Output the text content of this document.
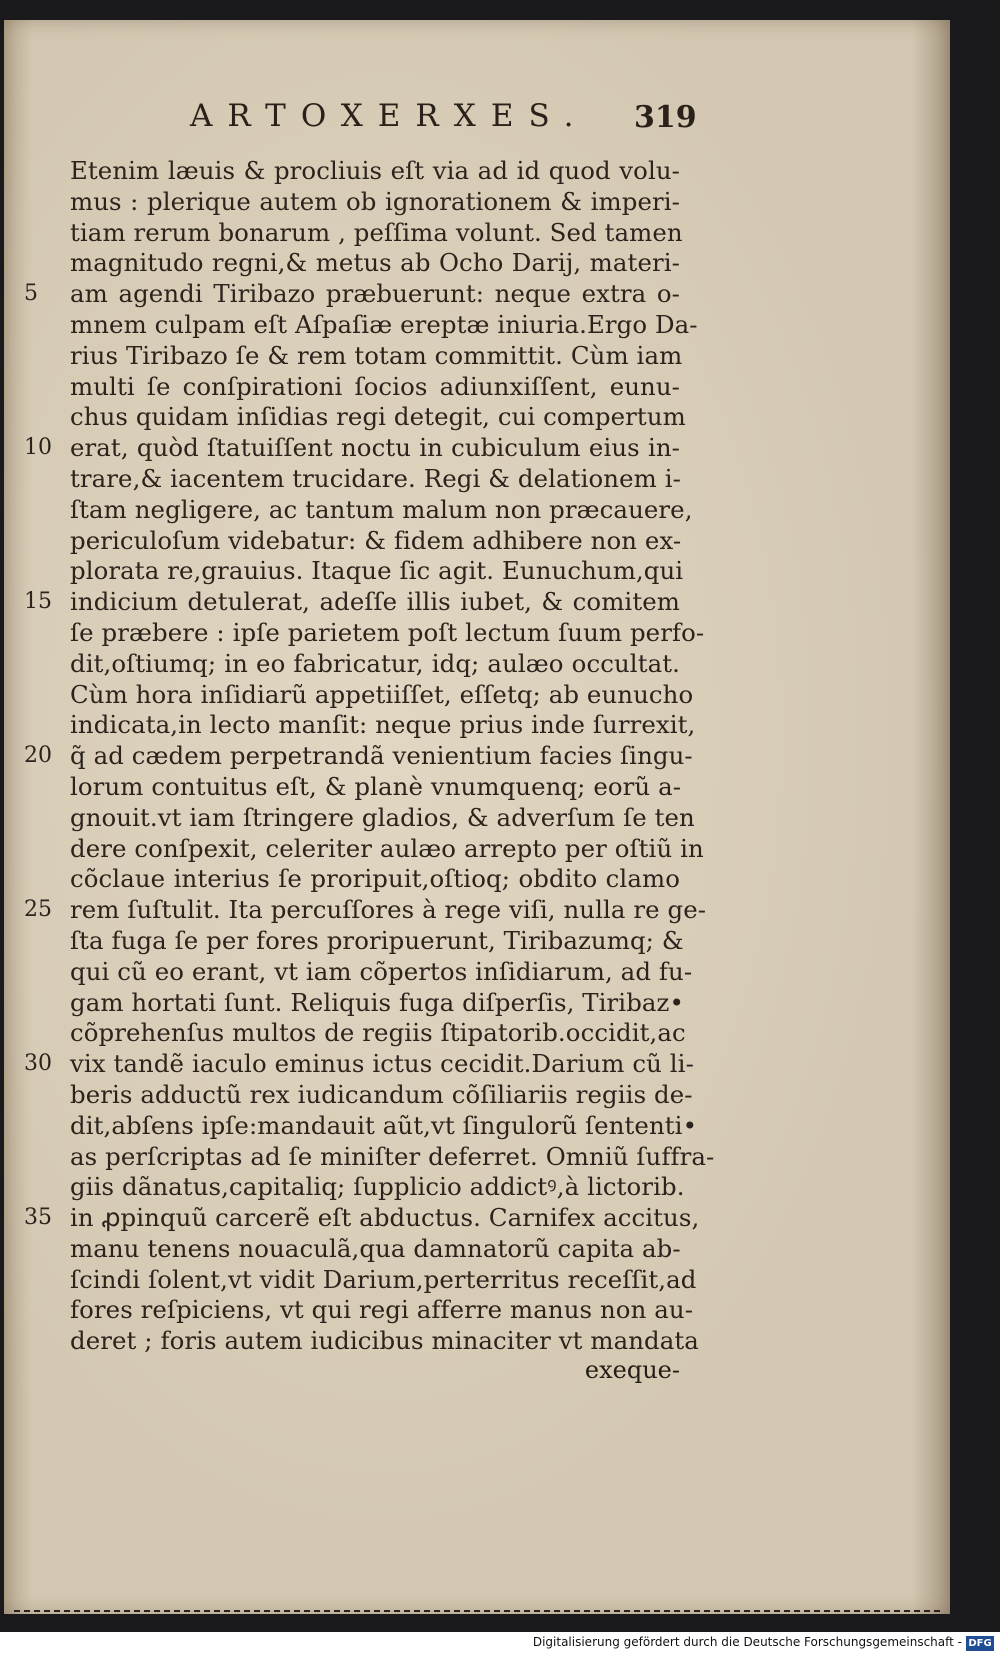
ARTOXERXES. 319
Etenim læuis & procliuis eſt via ad id quod volu-
mus : plerique autem ob ignorationem & imperi-
tiam rerum bonarum , peſſima volunt. Sed tamen
magnitudo regni,& metus ab Ocho Darij, materi-
5	am agendi Tiribazo præbuerunt: neque extra o-
mnem culpam eſt Aſpaſiæ ereptæ iniuria.Ergo Da-
rius Tiribazo ſe & rem totam committit. Cùm iam
multi ſe conſpirationi ſocios adiunxiſſent, eunu-
chus quidam inſidias regi detegit, cui compertum
10 erat, quòd ſtatuiſſent noctu in cubiculum eius in-
trare,& iacentem trucidare. Regi & delationem i-
ſtam negligere, ac tantum malum non præcauere,
periculoſum videbatur: & fidem adhibere non ex-
plorata re,grauius. Itaque ſic agit. Eunuchum,qui
15 indicium detulerat, adeſſe illis iubet, & comitem
ſe præbere : ipſe parietem poſt lectum ſuum perfo-
dit,oſtiumq; in eo fabricatur, idq; aulæo occultat.
Cùm hora inſidiarũ appetiiſſet, eſſetq; ab eunucho
indicata,in lecto manſit: neque prius inde ſurrexit,
20 q̃ ad cædem perpetrandã venientium facies ſingu-
lorum contuitus eſt, & planè vnumquenq; eorũ a-
gnouit.vt iam ſtringere gladios, & adverſum ſe ten
dere conſpexit, celeriter aulæo arrepto per oſtiũ in
cõclaue interius ſe proripuit,oſtioq; obdito clamo
25 rem ſuſtulit. Ita percuſſores à rege viſi, nulla re ge-
ſta fuga ſe per fores proripuerunt, Tiribazumq; &
qui cũ eo erant, vt iam cõpertos inſidiarum, ad fu-
gam hortati ſunt. Reliquis fuga diſperſis, Tiribaz•
cõprehenſus multos de regiis ſtipatorib.occidit,ac
30 vix tandẽ iaculo eminus ictus cecidit.Darium cũ li-
beris adductũ rex iudicandum cõſiliariis regiis de-
dit,abſens ipſe:mandauit aũt,vt ſingulorũ ſententi•
as perſcriptas ad ſe miniſter deferret. Omniũ ſuffra-
giis dãnatus,capitaliq; ſupplicio addictꝰ,à lictorib.
35 in ꝓpinquũ carcerẽ eſt abductus. Carnifex accitus,
manu tenens nouaculã,qua damnatorũ capita ab-
ſcindi ſolent,vt vidit Darium,perterritus receſſit,ad
fores reſpiciens, vt qui regi afferre manus non au-
deret ; foris autem iudicibus minaciter vt mandata
exeque-
Digitalisierung gefördert durch die Deutsche Forschungsgemeinschaft - DFG
